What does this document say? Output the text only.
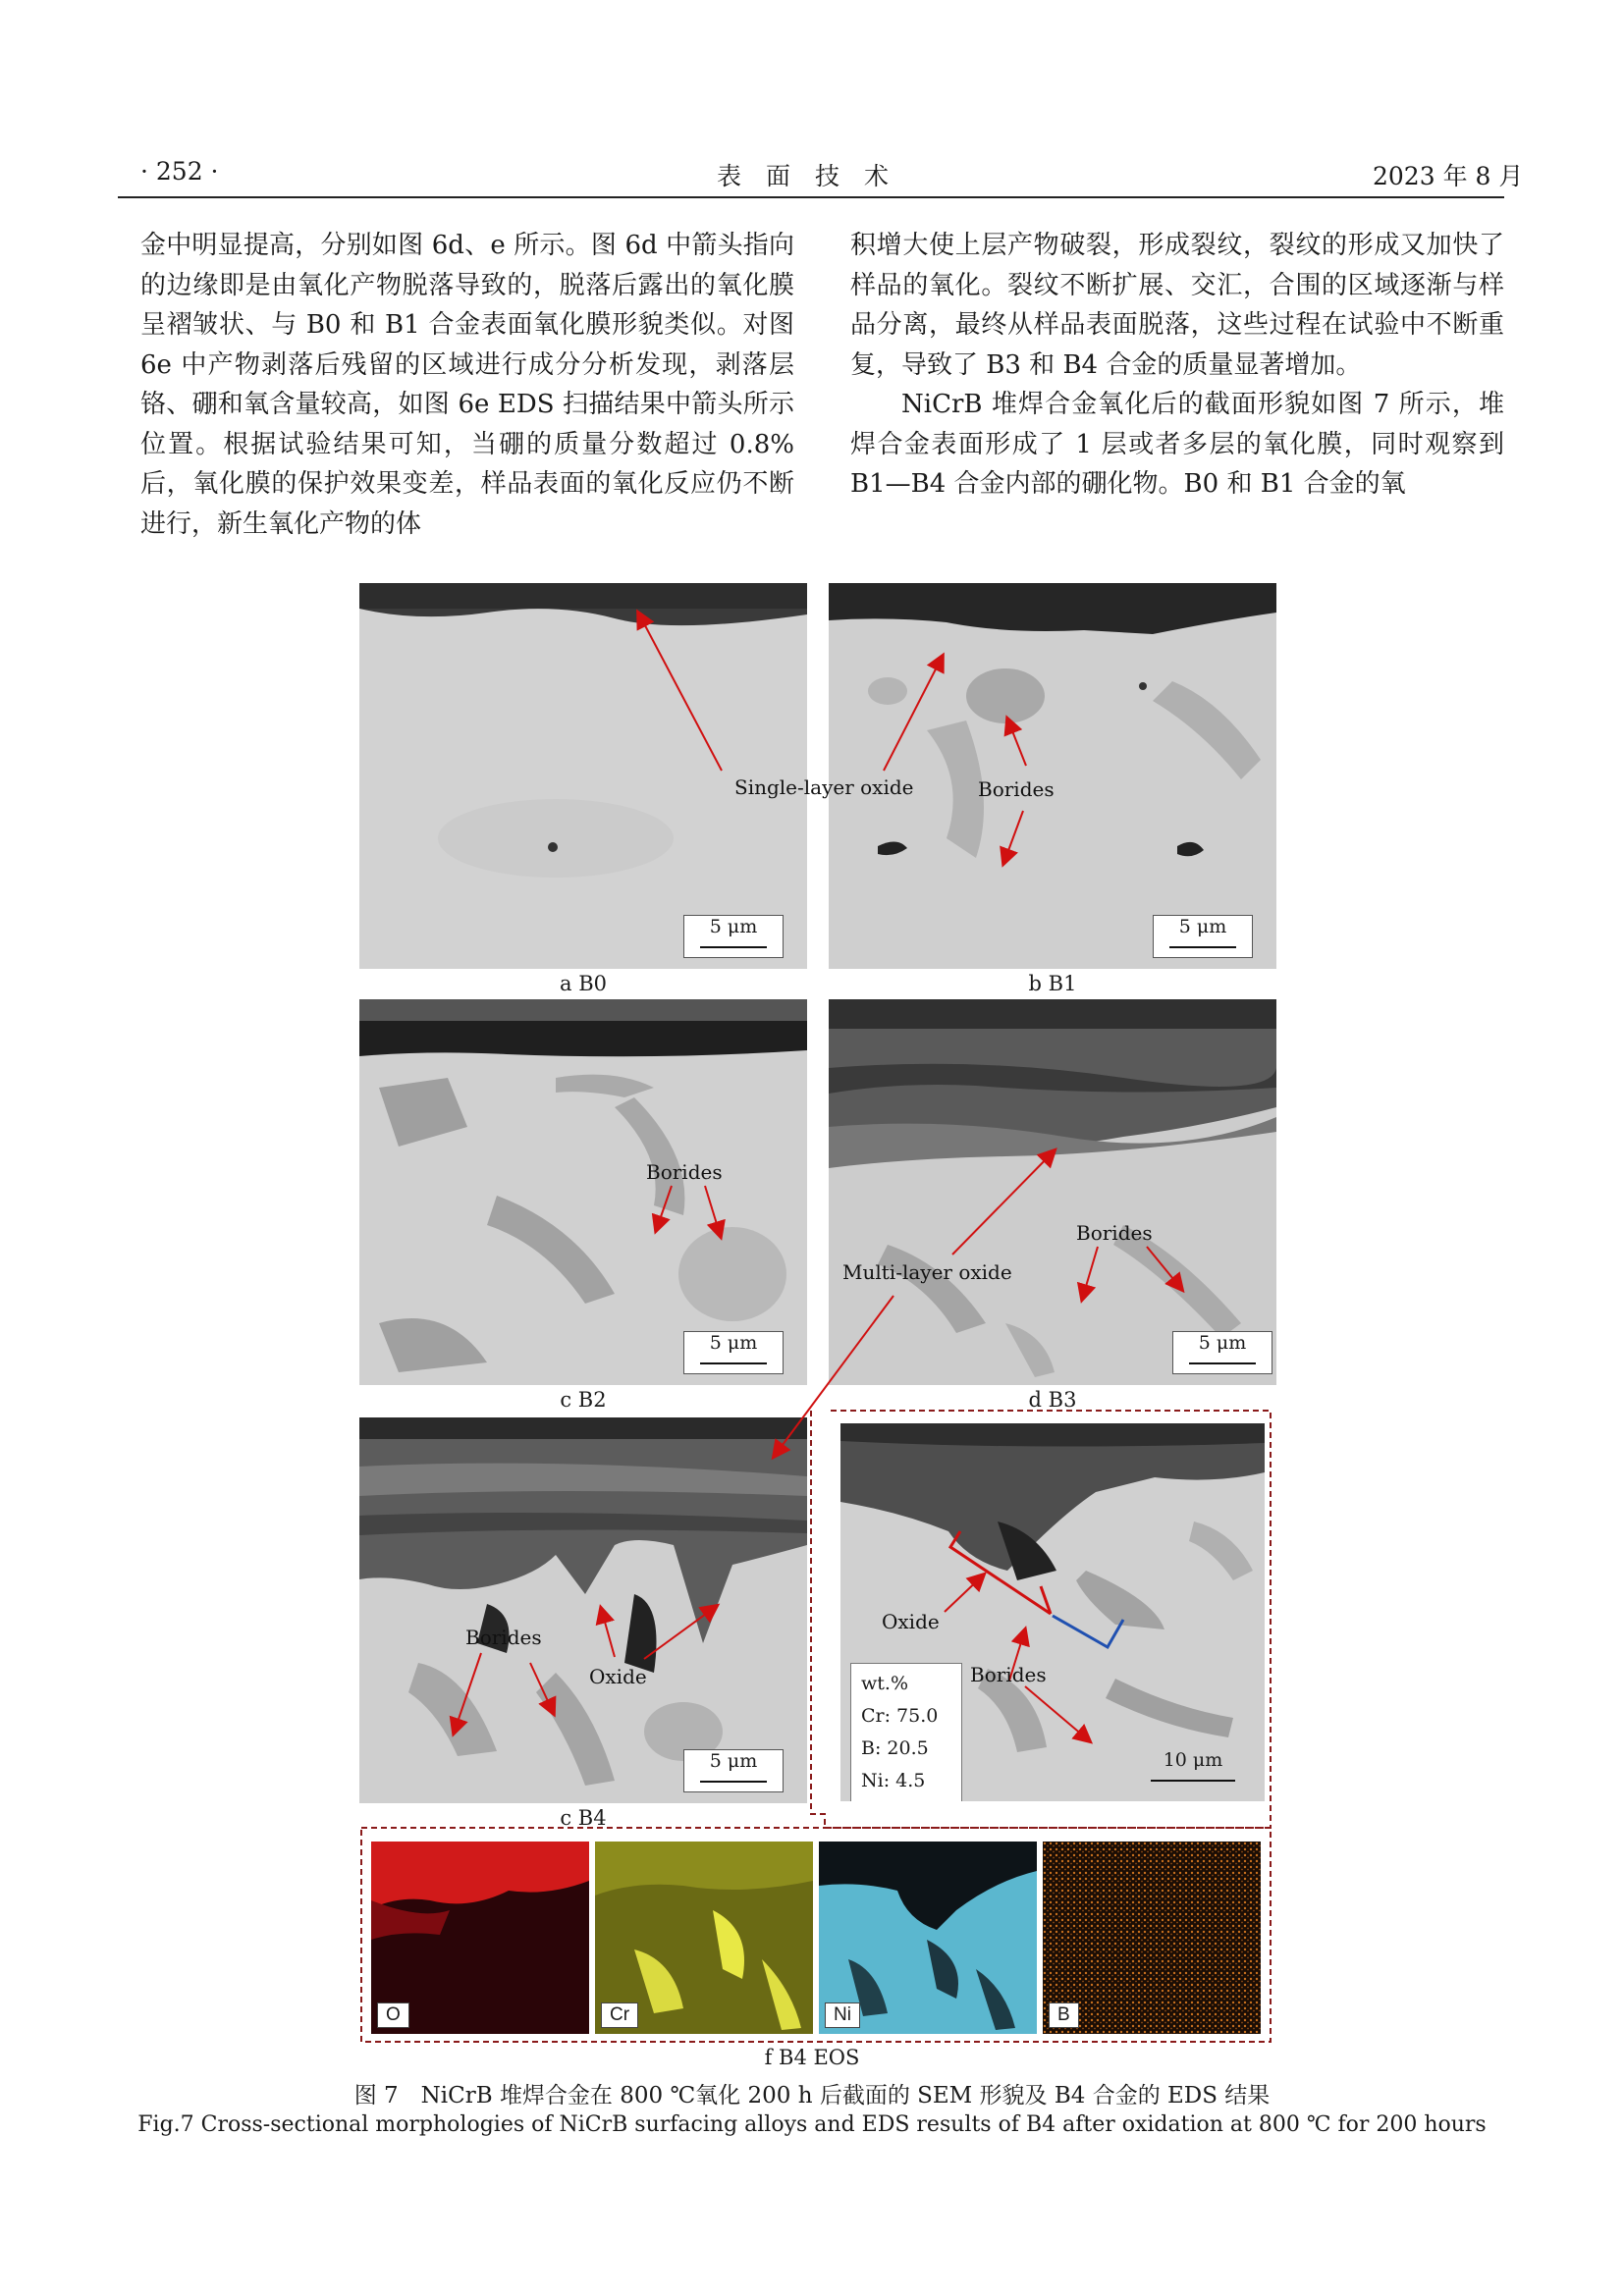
· 252 ·	表　面　技　术	2023 年 8 月

金中明显提高，分别如图 6d、e 所示。图 6d 中箭头指向的边缘即是由氧化产物脱落导致的，脱落后露出的氧化膜呈褶皱状、与 B0 和 B1 合金表面氧化膜形貌类似。对图 6e 中产物剥落后残留的区域进行成分分析发现，剥落层铬、硼和氧含量较高，如图 6e EDS 扫描结果中箭头所示位置。根据试验结果可知，当硼的质量分数超过 0.8%后，氧化膜的保护效果变差，样品表面的氧化反应仍不断进行，新生氧化产物的体

积增大使上层产物破裂，形成裂纹，裂纹的形成又加快了样品的氧化。裂纹不断扩展、交汇，合围的区域逐渐与样品分离，最终从样品表面脱落，这些过程在试验中不断重复，导致了 B3 和 B4 合金的质量显著增加。

NiCrB 堆焊合金氧化后的截面形貌如图 7 所示，堆焊合金表面形成了 1 层或者多层的氧化膜，同时观察到 B1—B4 合金内部的硼化物。B0 和 B1 合金的氧

5 μm
a B0
5 μm
b B1
5 μm
c B2
5 μm
d B3
5 μm
c B4
10 μm
wt.%
Cr: 75.0
B: 20.5
Ni: 4.5
O	Cr	Ni	B
f B4 EOS
Single-layer oxide	Borides
Borides
Multi-layer oxide
Borides
Borides
Oxide
Oxide
Borides
图 7　NiCrB 堆焊合金在 800 ℃氧化 200 h 后截面的 SEM 形貌及 B4 合金的 EDS 结果
Fig.7 Cross-sectional morphologies of NiCrB surfacing alloys and EDS results of B4 after oxidation at 800 ℃ for 200 hours
